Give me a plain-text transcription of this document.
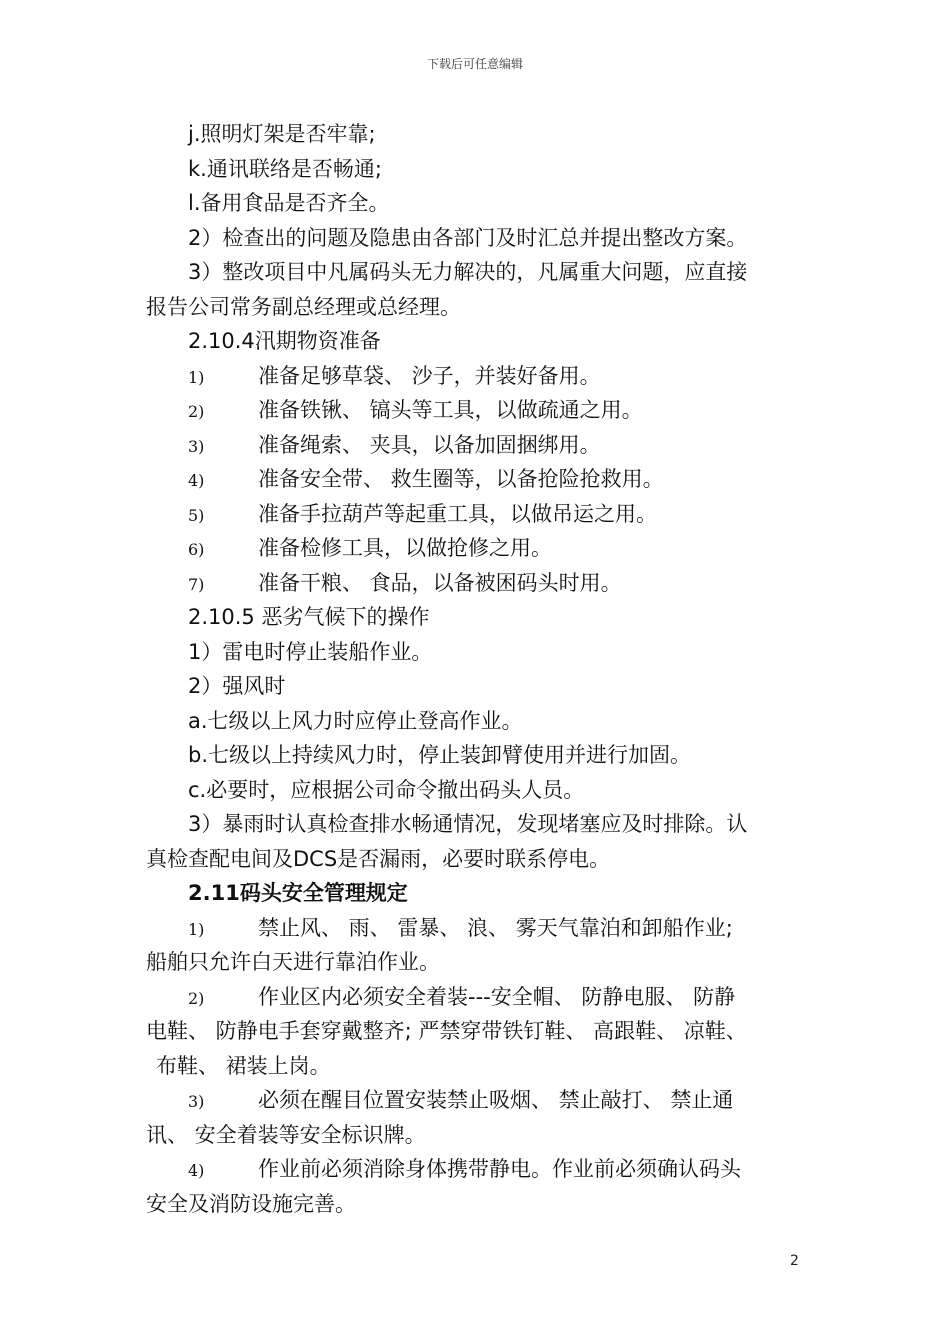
下载后可任意编辑
j.照明灯架是否牢靠;
k.通讯联络是否畅通;
l.备用食品是否齐全。
2）检查出的问题及隐患由各部门及时汇总并提出整改方案。
3）整改项目中凡属码头无力解决的，凡属重大问题，应直接
报告公司常务副总经理或总经理。
2.10.4汛期物资准备
1)	准备足够草袋、 沙子，并装好备用。
2)	准备铁锹、 镐头等工具，以做疏通之用。
3)	准备绳索、 夹具，以备加固捆绑用。
4)	准备安全带、 救生圈等，以备抢险抢救用。
5)	准备手拉葫芦等起重工具，以做吊运之用。
6)	准备检修工具，以做抢修之用。
7)	准备干粮、 食品，以备被困码头时用。
2.10.5 恶劣气候下的操作
1）雷电时停止装船作业。
2）强风时
a.七级以上风力时应停止登高作业。
b.七级以上持续风力时，停止装卸臂使用并进行加固。
c.必要时，应根据公司命令撤出码头人员。
3）暴雨时认真检查排水畅通情况，发现堵塞应及时排除。认
真检查配电间及DCS是否漏雨，必要时联系停电。
2.11码头安全管理规定
1)	禁止风、 雨、 雷暴、 浪、 雾天气靠泊和卸船作业;
船舶只允许白天进行靠泊作业。
2)	作业区内必须安全着装---安全帽、 防静电服、 防静
电鞋、 防静电手套穿戴整齐; 严禁穿带铁钉鞋、 高跟鞋、 凉鞋、
布鞋、 裙装上岗。
3)	必须在醒目位置安装禁止吸烟、 禁止敲打、 禁止通
讯、 安全着装等安全标识牌。
4)	作业前必须消除身体携带静电。作业前必须确认码头
安全及消防设施完善。
2
